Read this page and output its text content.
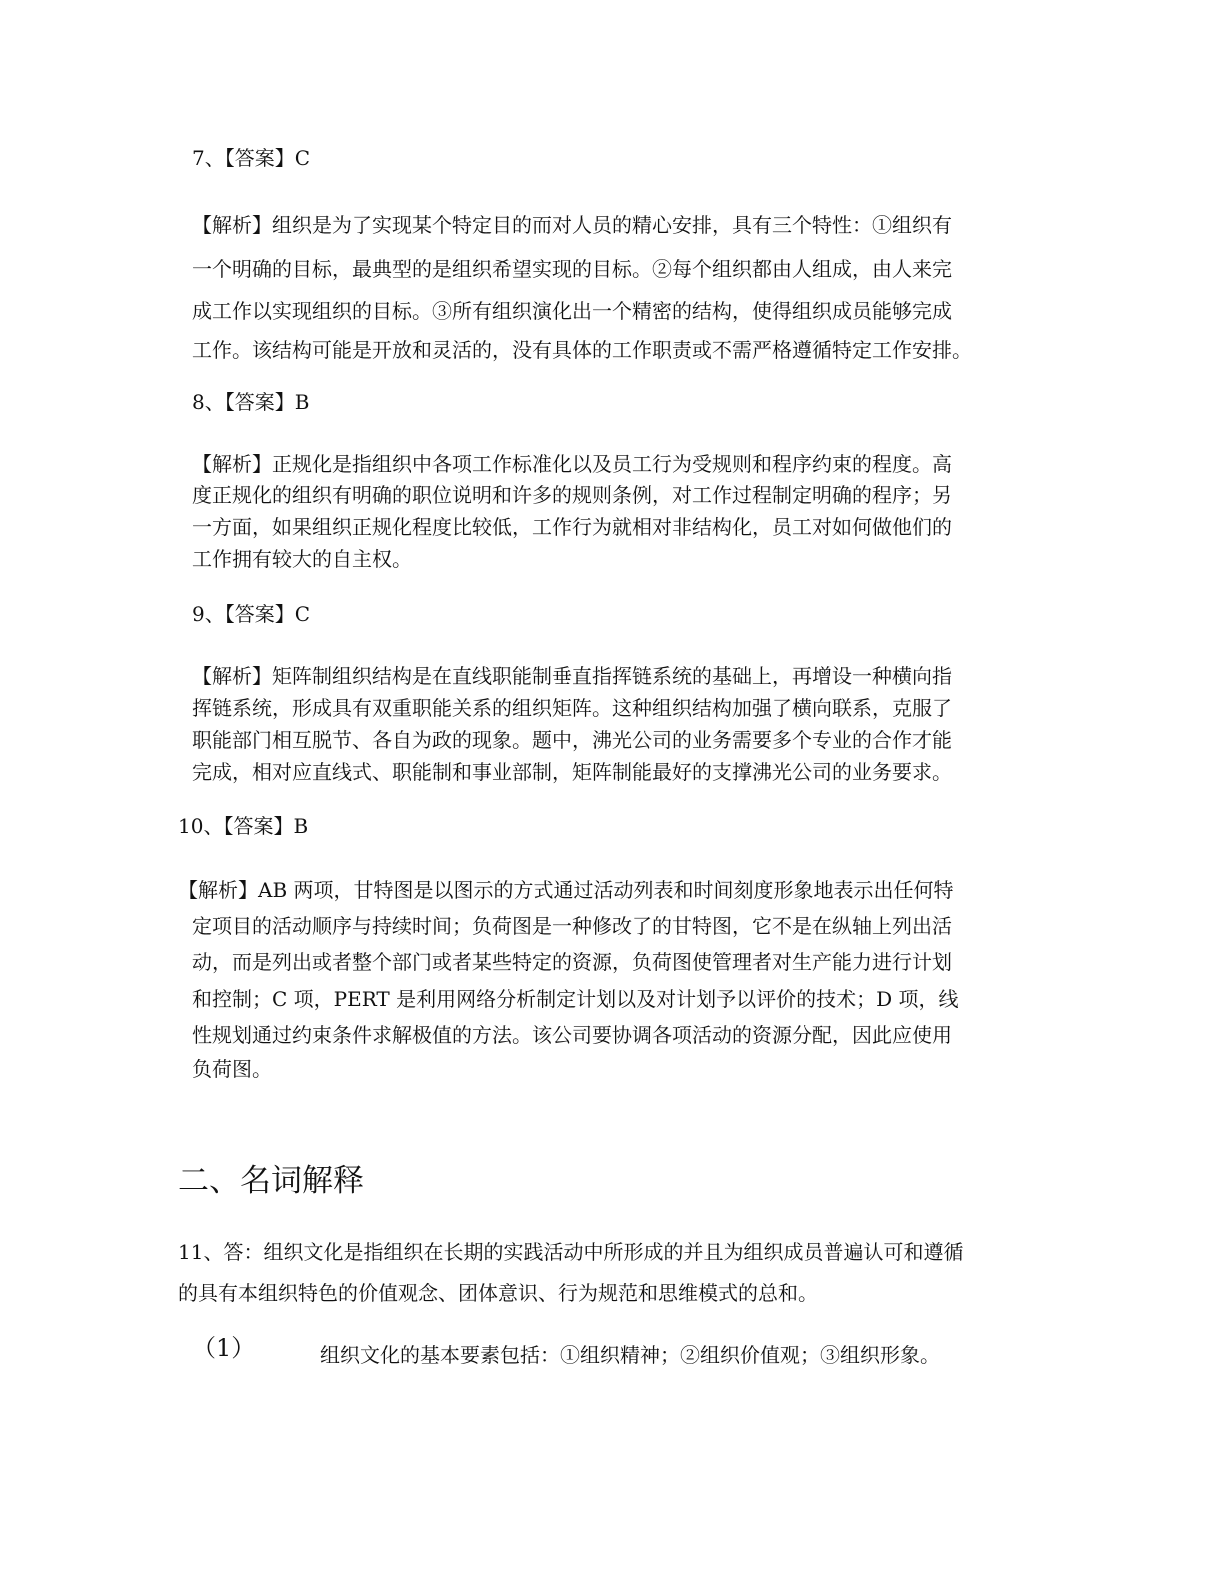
7、【答案】C
【解析】组织是为了实现某个特定目的而对人员的精心安排，具有三个特性：①组织有
一个明确的目标，最典型的是组织希望实现的目标。②每个组织都由人组成，由人来完
成工作以实现组织的目标。③所有组织演化出一个精密的结构，使得组织成员能够完成
工作。该结构可能是开放和灵活的，没有具体的工作职责或不需严格遵循特定工作安排。
8、【答案】B
【解析】正规化是指组织中各项工作标准化以及员工行为受规则和程序约束的程度。高
度正规化的组织有明确的职位说明和许多的规则条例，对工作过程制定明确的程序；另
一方面，如果组织正规化程度比较低，工作行为就相对非结构化，员工对如何做他们的
工作拥有较大的自主权。
9、【答案】C
【解析】矩阵制组织结构是在直线职能制垂直指挥链系统的基础上，再增设一种横向指
挥链系统，形成具有双重职能关系的组织矩阵。这种组织结构加强了横向联系，克服了
职能部门相互脱节、各自为政的现象。题中，沸光公司的业务需要多个专业的合作才能
完成，相对应直线式、职能制和事业部制，矩阵制能最好的支撑沸光公司的业务要求。
10、【答案】B
【解析】AB 两项，甘特图是以图示的方式通过活动列表和时间刻度形象地表示出任何特
定项目的活动顺序与持续时间；负荷图是一种修改了的甘特图，它不是在纵轴上列出活
动，而是列出或者整个部门或者某些特定的资源，负荷图使管理者对生产能力进行计划
和控制；C 项，PERT 是利用网络分析制定计划以及对计划予以评价的技术；D 项，线
性规划通过约束条件求解极值的方法。该公司要协调各项活动的资源分配，因此应使用
负荷图。
二、名词解释
11、答：组织文化是指组织在长期的实践活动中所形成的并且为组织成员普遍认可和遵循
的具有本组织特色的价值观念、团体意识、行为规范和思维模式的总和。
（1）	组织文化的基本要素包括：①组织精神；②组织价值观；③组织形象。
